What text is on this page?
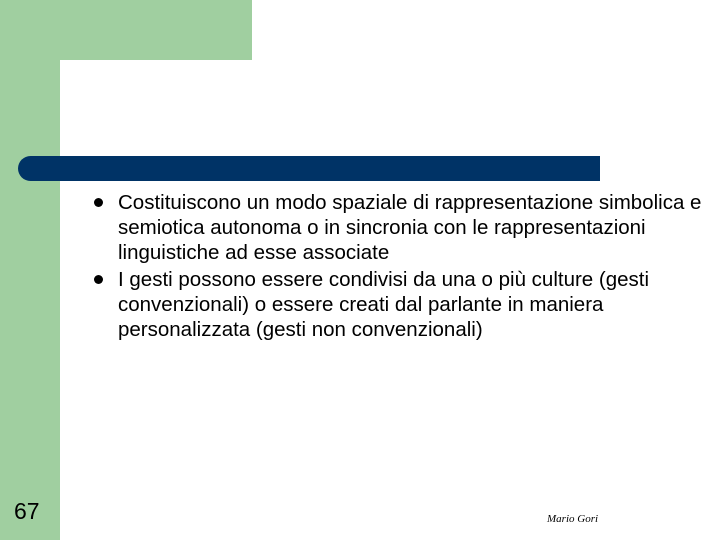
Costituiscono un modo spaziale di rappresentazione simbolica e semiotica autonoma o in sincronia con le rappresentazioni linguistiche ad esse associate
I gesti possono essere condivisi da una o più culture (gesti convenzionali) o essere creati dal parlante in maniera personalizzata (gesti non convenzionali)
67	Mario Gori
